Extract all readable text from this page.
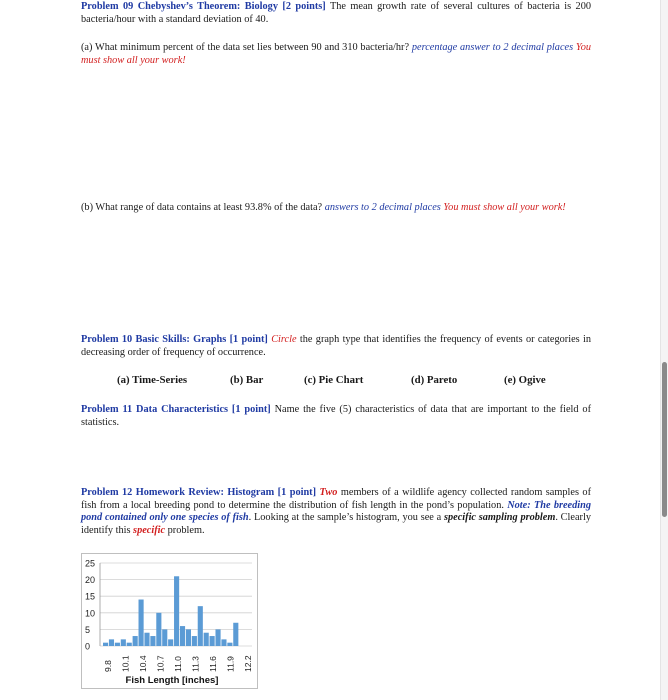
Problem 09 Chebyshev’s Theorem: Biology [2 points] The mean growth rate of several cultures of bacteria is 200 bacteria/hour with a standard deviation of 40.
(a) What minimum percent of the data set lies between 90 and 310 bacteria/hr? percentage answer to 2 decimal places You must show all your work!
(b) What range of data contains at least 93.8% of the data? answers to 2 decimal places You must show all your work!
Problem 10 Basic Skills: Graphs [1 point] Circle the graph type that identifies the frequency of events or categories in decreasing order of frequency of occurrence.
(a) Time-Series	(b) Bar	(c) Pie Chart	(d) Pareto	(e) Ogive
Problem 11 Data Characteristics [1 point] Name the five (5) characteristics of data that are important to the field of statistics.
Problem 12 Homework Review: Histogram [1 point] Two members of a wildlife agency collected random samples of fish from a local breeding pond to determine the distribution of fish length in the pond’s population. Note: The breeding pond contained only one species of fish. Looking at the sample’s histogram, you see a specific sampling problem. Clearly identify this specific problem.
0
5
10
15
20
25
9.8 10.1 10.4 10.7 11.0 11.3 11.6 11.9 12.2
Fish Length [inches]
